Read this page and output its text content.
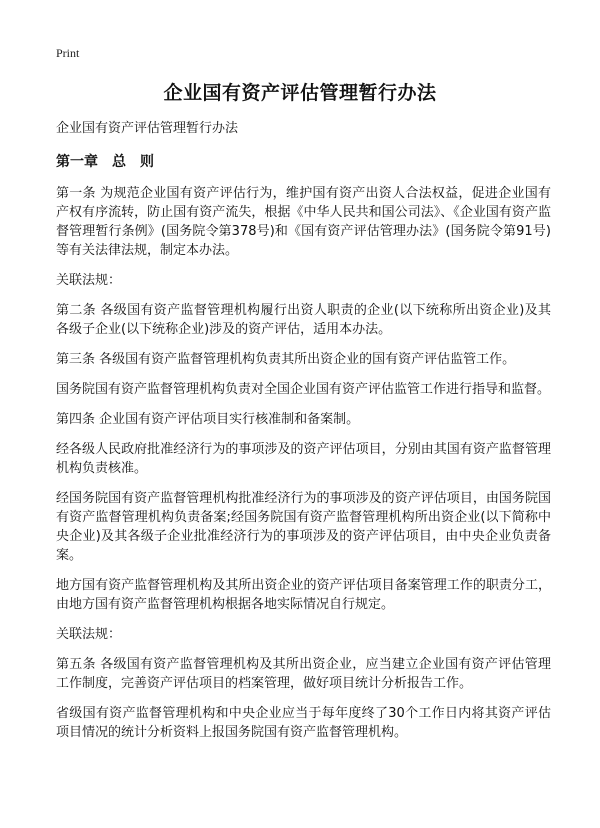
Print
企业国有资产评估管理暂行办法

企业国有资产评估管理暂行办法

第一章　总　则

第一条 为规范企业国有资产评估行为，维护国有资产出资人合法权益，促进企业国有产权有序流转，防止国有资产流失，根据《中华人民共和国公司法》、《企业国有资产监督管理暂行条例》(国务院令第378号)和《国有资产评估管理办法》(国务院令第91号)等有关法律法规，制定本办法。

关联法规：

第二条 各级国有资产监督管理机构履行出资人职责的企业(以下统称所出资企业)及其各级子企业(以下统称企业)涉及的资产评估，适用本办法。

第三条 各级国有资产监督管理机构负责其所出资企业的国有资产评估监管工作。

国务院国有资产监督管理机构负责对全国企业国有资产评估监管工作进行指导和监督。

第四条 企业国有资产评估项目实行核准制和备案制。

经各级人民政府批准经济行为的事项涉及的资产评估项目，分别由其国有资产监督管理机构负责核准。

经国务院国有资产监督管理机构批准经济行为的事项涉及的资产评估项目，由国务院国有资产监督管理机构负责备案;经国务院国有资产监督管理机构所出资企业(以下简称中央企业)及其各级子企业批准经济行为的事项涉及的资产评估项目，由中央企业负责备案。

地方国有资产监督管理机构及其所出资企业的资产评估项目备案管理工作的职责分工，由地方国有资产监督管理机构根据各地实际情况自行规定。

关联法规：

第五条 各级国有资产监督管理机构及其所出资企业，应当建立企业国有资产评估管理工作制度，完善资产评估项目的档案管理，做好项目统计分析报告工作。

省级国有资产监督管理机构和中央企业应当于每年度终了30个工作日内将其资产评估项目情况的统计分析资料上报国务院国有资产监督管理机构。
